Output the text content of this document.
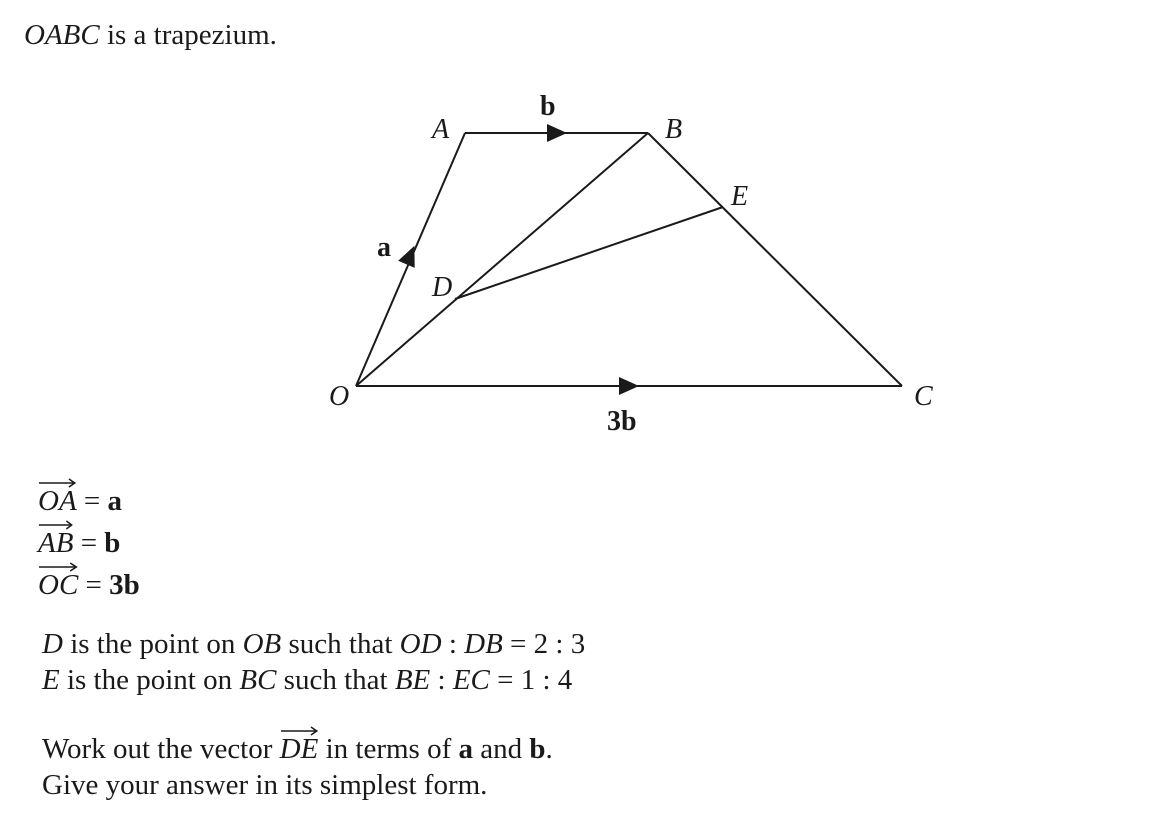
OABC is a trapezium.
O
A	B
C
D
E
a
b
3b
OA = a
AB = b
OC = 3b
D is the point on OB such that OD : DB = 2 : 3
E is the point on BC such that BE : EC = 1 : 4
Work out the vector
DE in terms of a and b.
Give your answer in its simplest form.
